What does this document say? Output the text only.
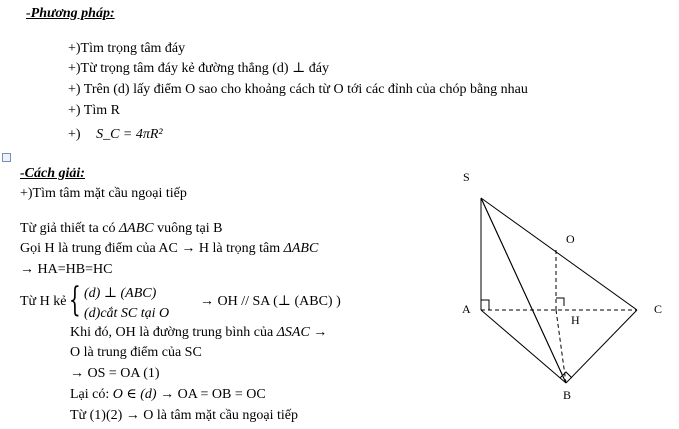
-Phương pháp:
+)Tìm trọng tâm đáy
+)Từ trọng tâm đáy kẻ đường thẳng (d) ⊥ đáy
+) Trên (d) lấy điểm O sao cho khoảng cách từ O tới các đỉnh của chóp bằng nhau
+) Tìm R
+) S_C = 4πR²
-Cách giải:
+)Tìm tâm mặt cầu ngoại tiếp
Từ giả thiết ta có ΔABC vuông tại B
Gọi H là trung điểm của AC → H là trọng tâm ΔABC
→ HA=HB=HC
Từ H kẻ { (d) ⊥ (ABC)
(d)cắt SC tại O
→ OH // SA (⊥ (ABC) )
Khi đó, OH là đường trung bình của ΔSAC →
O là trung điểm của SC
→ OS = OA (1)
Lại có: O ∈ (d) → OA = OB = OC
Từ (1)(2) → O là tâm mặt cầu ngoại tiếp
S
O
A
H
C
B
